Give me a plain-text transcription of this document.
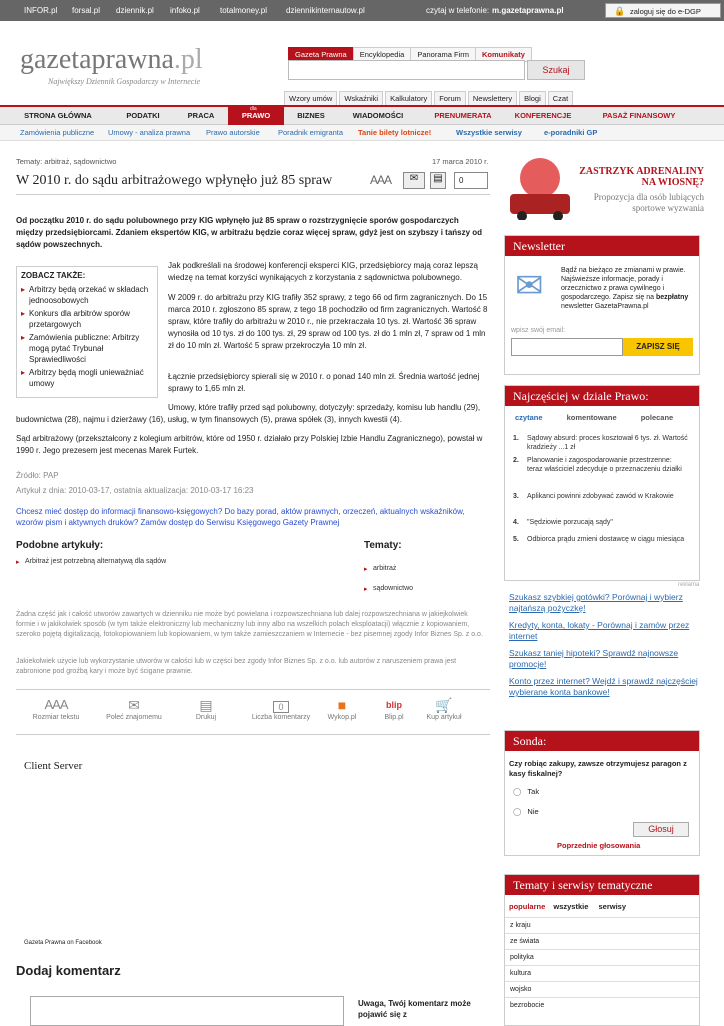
INFOR.pl forsal.pl dziennik.pl infoko.pl	totalmoney.pl dziennikinternautow.pl	czytaj w telefonie: m.gazetaprawna.pl	🔒 zaloguj się do e-DGP
gazetaprawna.pl
Największy Dziennik Gospodarczy w Internecie
Gazeta Prawna Encyklopedia Panorama Firm Komunikaty
Szukaj
Wzory umów Wskaźniki Kalkulatory Forum Newslettery Blogi Czat
STRONA GŁÓWNA	PODATKI	PRACA	PRAWO	BIZNES	WIADOMOŚCI	PRENUMERATA	KONFERENCJE	PASAŻ FINANSOWY
dla
Zamówienia publiczne Umowy - analiza prawna Prawo autorskie Poradnik emigranta Tanie bilety lotnicze!	Wszystkie serwisy	e-poradniki GP
Tematy: arbitraż, sądownictwo	17 marca 2010 r.
W 2010 r. do sądu arbitrażowego wpłynęło już 85 spraw	AAA	✉	▤	0
Od początku 2010 r. do sądu polubownego przy KIG wpłynęło już 85 spraw o rozstrzygnięcie sporów gospodarczych między przedsiębiorcami. Zdaniem ekspertów KIG, w arbitrażu będzie coraz więcej spraw, gdyż jest on szybszy i tańszy od sądów powszechnych.
ZOBACZ TAKŻE:
▸ Arbitrzy będą orzekać w składach jednoosobowych
▸ Konkurs dla arbitrów sporów przetargowych
▸ Zamówienia publiczne: Arbitrzy mogą pytać Trybunał Sprawiedliwości
▸ Arbitrzy będą mogli unieważniać umowy
Jak podkreślali na środowej konferencji eksperci KIG, przedsiębiorcy mają coraz lepszą wiedzę na temat korzyści wynikających z korzystania z sądownictwa polubownego.
W 2009 r. do arbitrażu przy KIG trafiły 352 sprawy, z tego 66 od firm zagranicznych. Do 15 marca 2010 r. zgłoszono 85 spraw, z tego 18 pochodziło od firm zagranicznych. Wartość 8 spraw, które trafiły do arbitrażu w 2010 r., nie przekraczała 10 tys. zł. Wartość 36 spraw wynosiła od 10 tys. zł do 100 tys. zł, 29 spraw od 100 tys. zł do 1 mln zł, 7 spraw od 1 mln zł do 10 mln zł. Wartość 5 spraw przekroczyła 10 mln zł.
Łącznie przedsiębiorcy spierali się w 2010 r. o ponad 140 mln zł. Średnia wartość jednej sprawy to 1,65 mln zł.
Umowy, które trafiły przed sąd polubowny, dotyczyły: sprzedaży, komisu lub handlu (29), budownictwa (28), najmu i dzierżawy (16), usług, w tym finansowych (5), prawa spółek (3), innych kwestii (4).
Sąd arbitrażowy (przekształcony z kolegium arbitrów, które od 1950 r. działało przy Polskiej Izbie Handlu Zagranicznego), powstał w 1990 r. Jego prezesem jest mecenas Marek Furtek.
Źródło: PAP
Artykuł z dnia: 2010-03-17, ostatnia aktualizacja: 2010-03-17 16:23
Chcesz mieć dostęp do informacji finansowo-księgowych? Do bazy porad, aktów prawnych, orzeczeń, aktualnych wskaźników, wzorów pism i aktywnych druków? Zamów dostęp do Serwisu Księgowego Gazety Prawnej
Podobne artykuły:
▸ Arbitraż jest potrzebną alternatywą dla sądów
Tematy:
▸ arbitraż
▸ sądownictwo
Żadna część jak i całość utworów zawartych w dzienniku nie może być powielana i rozpowszechniana lub dalej rozpowszechniana w jakiejkolwiek formie i w jakikolwiek sposób (w tym także elektroniczny lub mechaniczny lub inny albo na wszelkich polach eksploatacji) włącznie z kopiowaniem, szeroko pojętą digitalizacją, fotokopiowaniem lub kopiowaniem, w tym także zamieszczaniem w Internecie - bez pisemnej zgody Infor Biznes Sp. z o.o.
Jakiekolwiek użycie lub wykorzystanie utworów w całości lub w części bez zgody Infor Biznes Sp. z o.o. lub autorów z naruszeniem prawa jest zabronione pod groźbą kary i może być ścigane prawnie.
AAA
Rozmiar tekstu
✉
Poleć znajomemu
▤
Drukuj
0
Liczba komentarzy
■
Wykop.pl
blip
Blip.pl
🛒
Kup artykuł
Client Server
Gazeta Prawna on Facebook
Dodaj komentarz
Uwaga, Twój komentarz może pojawić się z
ZASTRZYK ADRENALINY
NA WIOSNĘ?
Propozycja dla osób lubiących
sportowe wyzwania
Newsletter
✉	Bądź na bieżąco ze zmianami w prawie. Najświeższe informacje, porady i orzecznictwo z prawa cywilnego i gospodarczego. Zapisz się na bezpłatny newsletter GazetaPrawna.pl
wpisz swój email:
ZAPISZ SIĘ
Najczęściej w dziale Prawo:
czytane	komentowane	polecane
1. Sądowy absurd: proces kosztował 6 tys. zł. Wartość kradzieży ...1 zł
2. Planowanie i zagospodarowanie przestrzenne: teraz właściciel zdecyduje o przeznaczeniu działki
3. Aplikanci powinni zdobywać zawód w Krakowie
4. "Sędziowie porzucają sądy"
5. Odbiorca prądu zmieni dostawcę w ciągu miesiąca
reklama
Szukasz szybkiej gotówki? Porównaj i wybierz najtańszą pożyczkę!
Kredyty, konta, lokaty - Porównaj i zamów przez internet
Szukasz taniej hipoteki? Sprawdź najnowsze promocje!
Konto przez internet? Wejdź i sprawdź najczęściej wybierane konta bankowe!
Sonda:
Czy robiąc zakupy, zawsze otrzymujesz paragon z kasy fiskalnej?
◯ Tak
◯ Nie
Głosuj
Poprzednie głosowania
Tematy i serwisy tematyczne
popularne wszystkie serwisy
z kraju
ze świata
polityka
kultura
wojsko
bezrobocie
